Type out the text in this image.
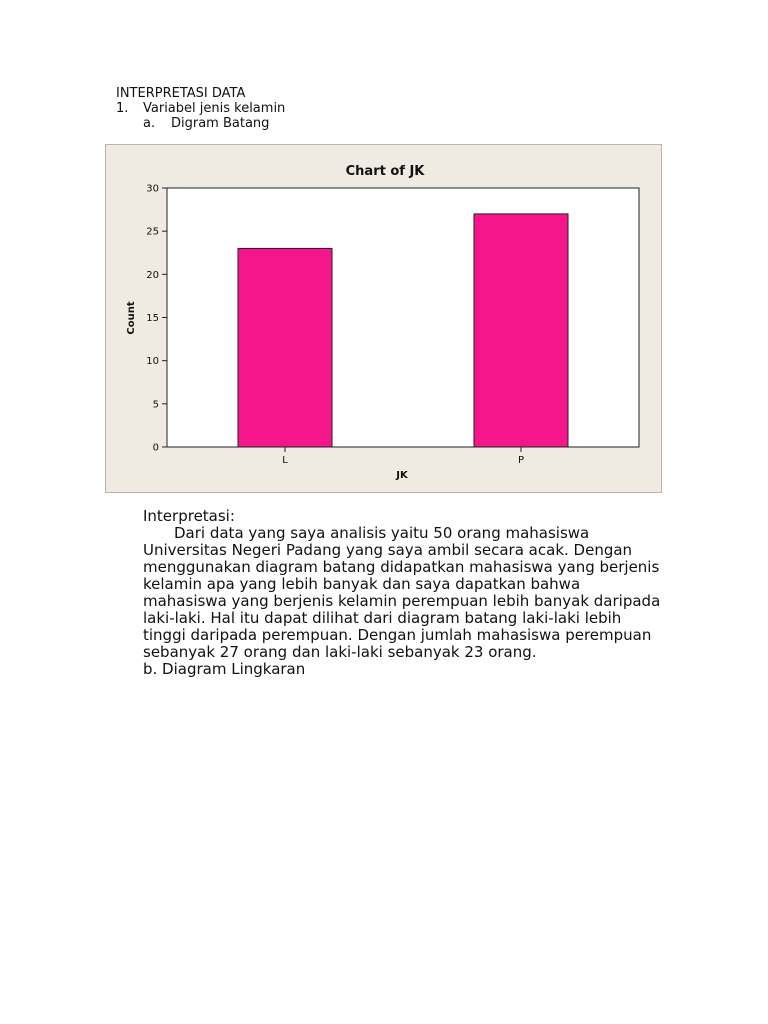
INTERPRETASI DATA
1. Variabel jenis kelamin
a. Digram Batang
Chart of JK
0
5
10
15
20
25
30
L	P
Count
JK

Interpretasi:

Dari data yang saya analisis yaitu 50 orang mahasiswa Universitas Negeri Padang yang saya ambil secara acak. Dengan menggunakan diagram batang didapatkan mahasiswa yang berjenis kelamin apa yang lebih banyak dan saya dapatkan bahwa mahasiswa yang berjenis kelamin perempuan lebih banyak daripada laki-laki. Hal itu dapat dilihat dari diagram batang laki-laki lebih tinggi daripada perempuan. Dengan jumlah mahasiswa perempuan sebanyak 27 orang dan laki-laki sebanyak 23 orang.

b. Diagram Lingkaran
